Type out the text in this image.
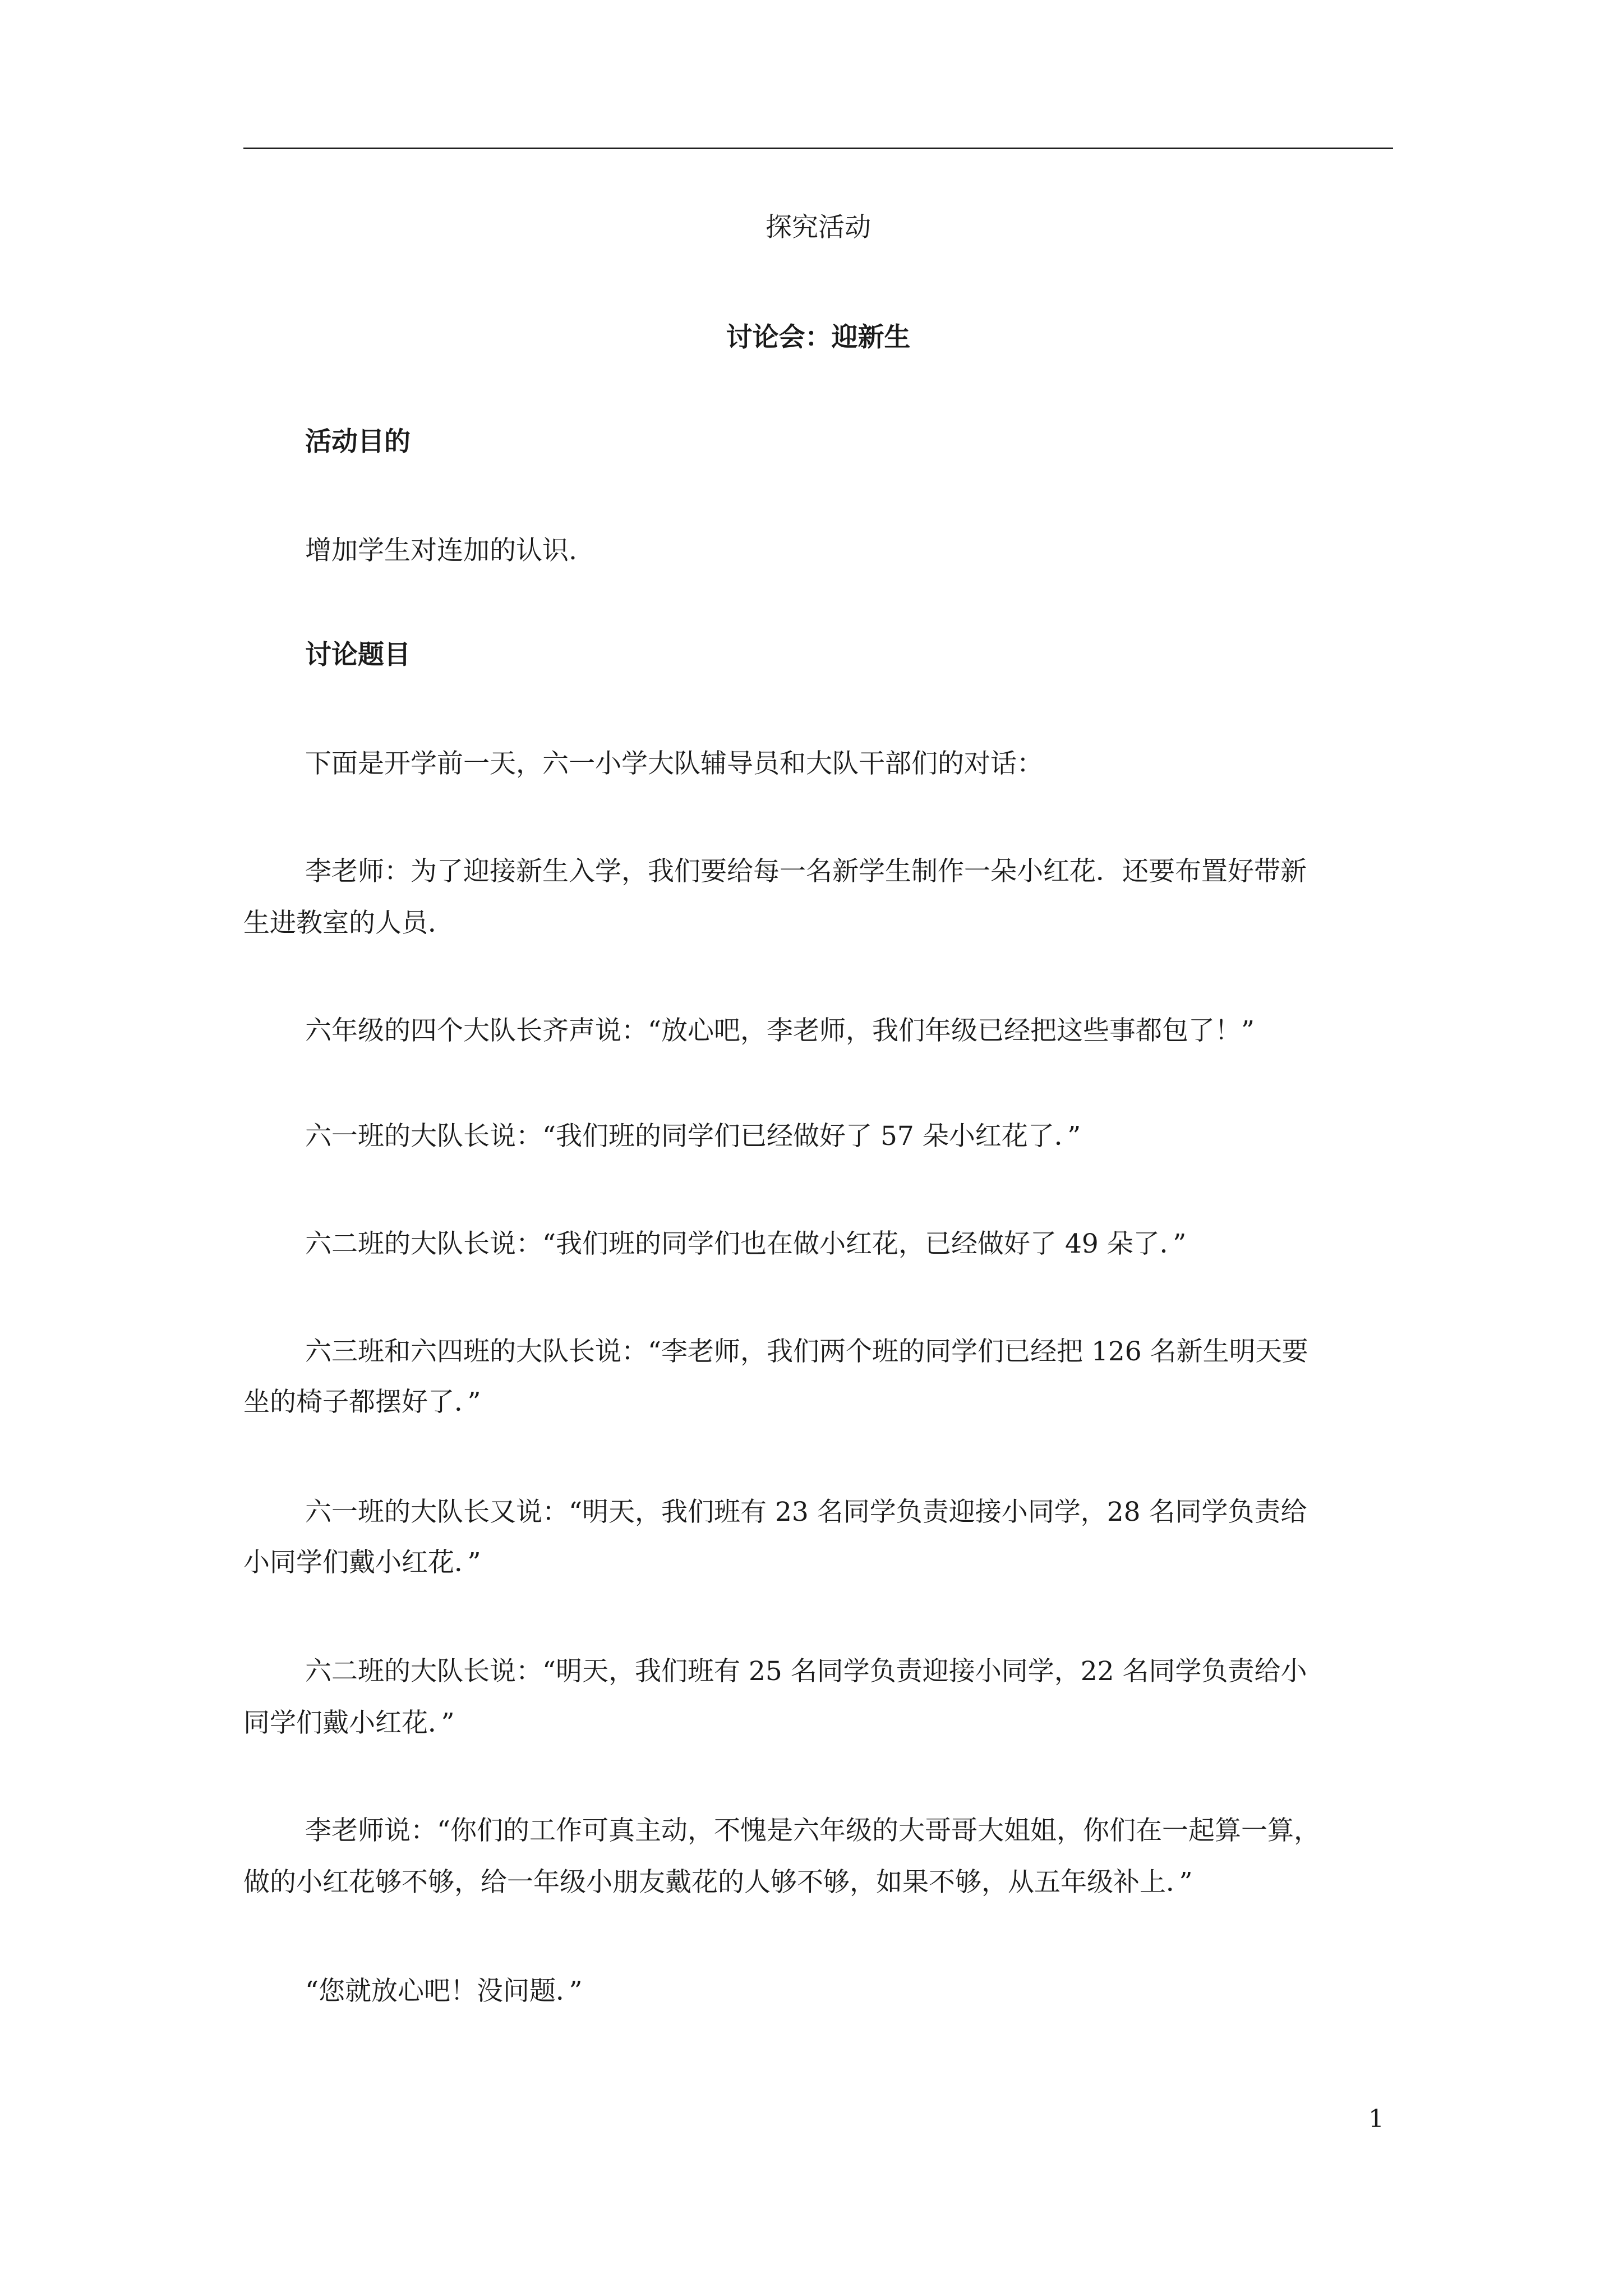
探究活动
讨论会：迎新生
活动目的
增加学生对连加的认识.
讨论题目
下面是开学前一天，六一小学大队辅导员和大队干部们的对话：
李老师：为了迎接新生入学，我们要给每一名新学生制作一朵小红花．还要布置好带新
生进教室的人员．
六年级的四个大队长齐声说：“放心吧，李老师，我们年级已经把这些事都包了！”
六一班的大队长说：“我们班的同学们已经做好了 57 朵小红花了．”
六二班的大队长说：“我们班的同学们也在做小红花，已经做好了 49 朵了．”
六三班和六四班的大队长说：“李老师，我们两个班的同学们已经把 126 名新生明天要
坐的椅子都摆好了．”
六一班的大队长又说：“明天，我们班有 23 名同学负责迎接小同学，28 名同学负责给
小同学们戴小红花．”
六二班的大队长说：“明天，我们班有 25 名同学负责迎接小同学，22 名同学负责给小
同学们戴小红花．”
李老师说：“你们的工作可真主动，不愧是六年级的大哥哥大姐姐，你们在一起算一算，
做的小红花够不够，给一年级小朋友戴花的人够不够，如果不够，从五年级补上．”
“您就放心吧！没问题．”
1
